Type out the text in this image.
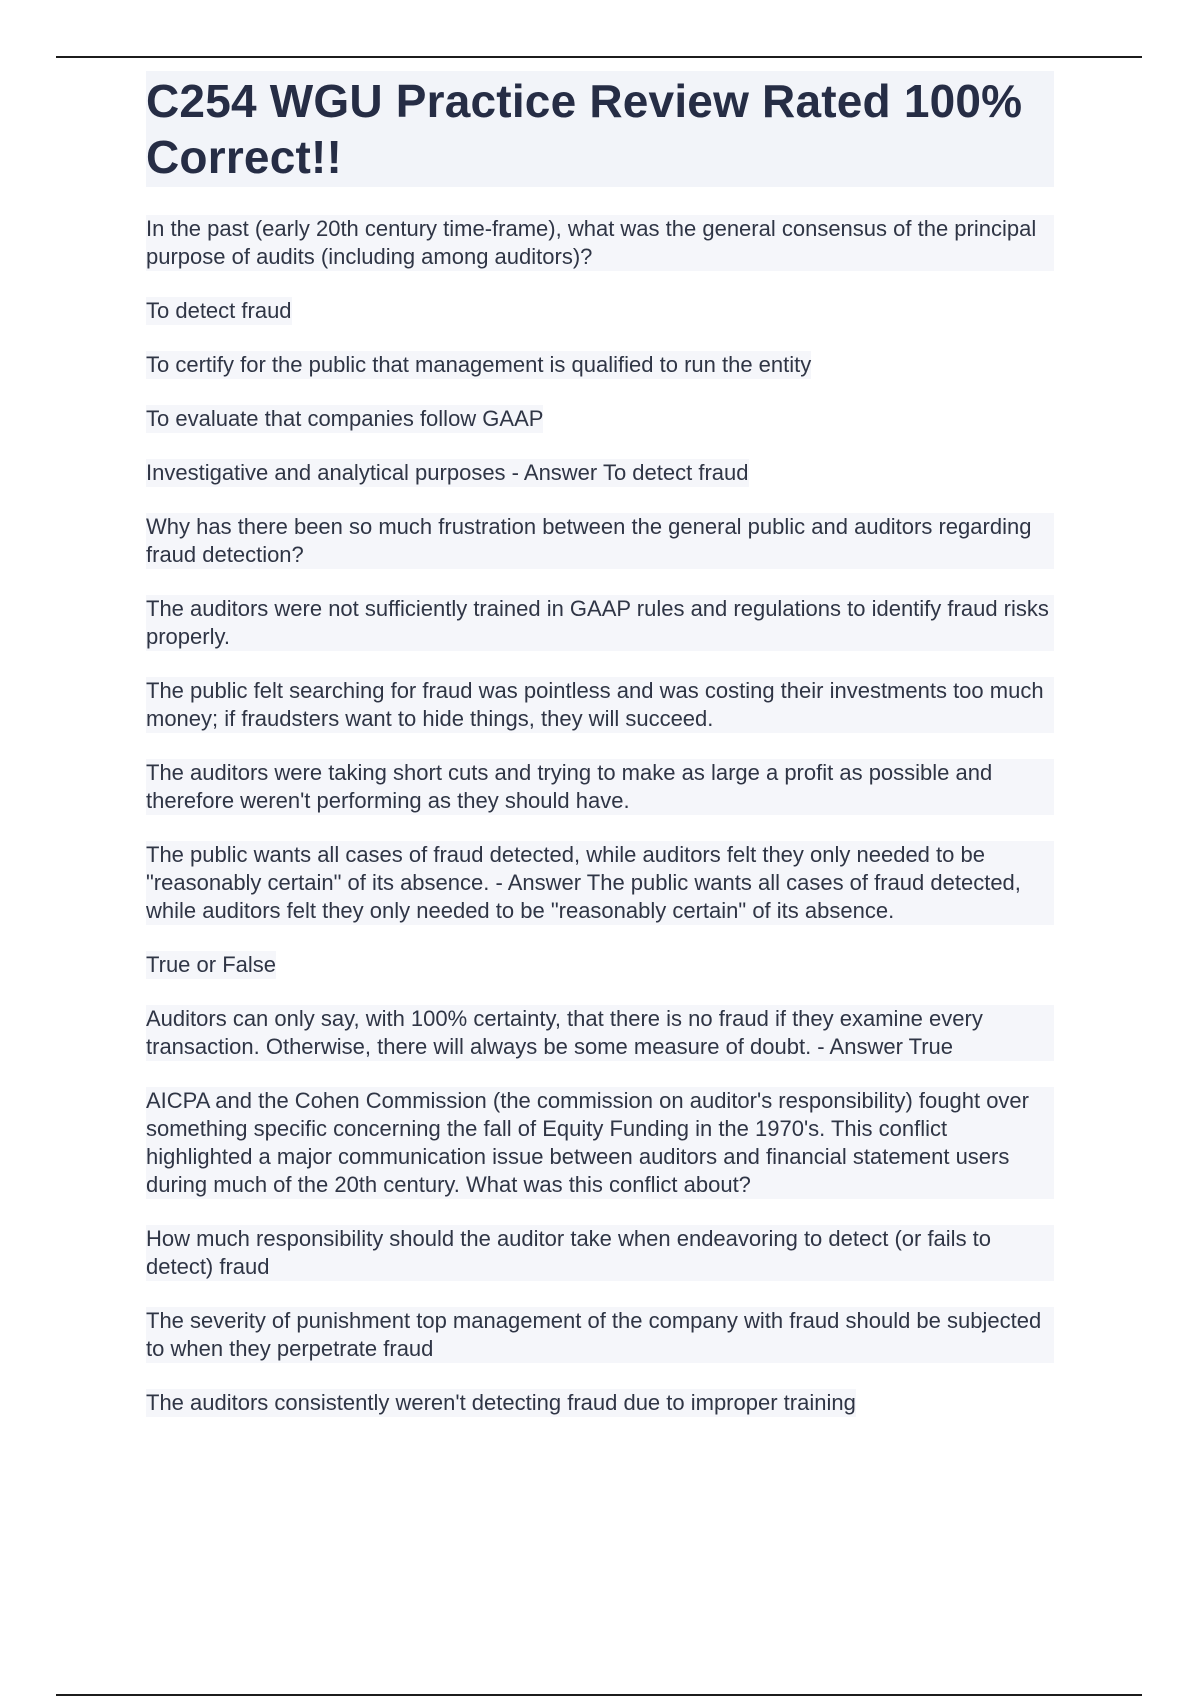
C254 WGU Practice Review Rated 100% Correct!!

In the past (early 20th century time-frame), what was the general consensus of the principal purpose of audits (including among auditors)?

To detect fraud

To certify for the public that management is qualified to run the entity

To evaluate that companies follow GAAP

Investigative and analytical purposes - Answer To detect fraud

Why has there been so much frustration between the general public and auditors regarding fraud detection?

The auditors were not sufficiently trained in GAAP rules and regulations to identify fraud risks properly.

The public felt searching for fraud was pointless and was costing their investments too much money; if fraudsters want to hide things, they will succeed.

The auditors were taking short cuts and trying to make as large a profit as possible and therefore weren't performing as they should have.

The public wants all cases of fraud detected, while auditors felt they only needed to be "reasonably certain" of its absence. - Answer The public wants all cases of fraud detected, while auditors felt they only needed to be "reasonably certain" of its absence.

True or False

Auditors can only say, with 100% certainty, that there is no fraud if they examine every transaction. Otherwise, there will always be some measure of doubt. - Answer True

AICPA and the Cohen Commission (the commission on auditor's responsibility) fought over something specific concerning the fall of Equity Funding in the 1970's. This conflict highlighted a major communication issue between auditors and financial statement users during much of the 20th century. What was this conflict about?

How much responsibility should the auditor take when endeavoring to detect (or fails to detect) fraud

The severity of punishment top management of the company with fraud should be subjected to when they perpetrate fraud

The auditors consistently weren't detecting fraud due to improper training
